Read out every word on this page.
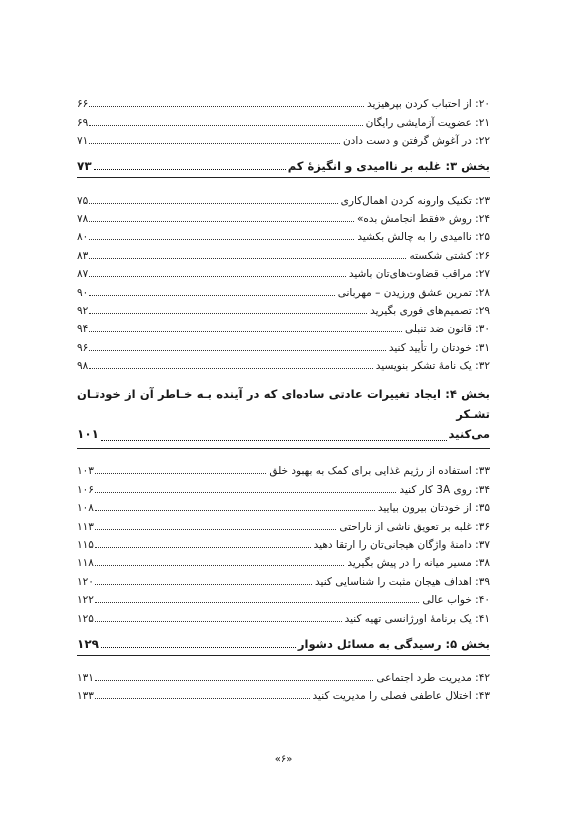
۲۰: از احتباب کردن بپرهیزید
۶۶
۲۱: عضویت آزمایشی رایگان
۶۹
۲۲: در آغوش گرفتن و دست دادن
۷۱
بخش ۳: غلبه بر ناامیدی و انگیزۀ کم
۷۳
۲۳: تکنیک وارونه کردن اهمال‌کاری
۷۵
۲۴: روش «فقط انجامش بده»
۷۸
۲۵: ناامیدی را به چالش بکشید
۸۰
۲۶: کشتی شکسته
۸۳
۲۷: مراقب قضاوت‌های‌تان باشید
۸۷
۲۸: تمرین عشق ورزیدن – مهربانی
۹۰
۲۹: تصمیم‌های فوری بگیرید
۹۲
۳۰: قانون ضد تنبلی
۹۴
۳۱: خودتان را تأیید کنید
۹۶
۳۲: یک نامۀ تشکر بنویسید
۹۸
بخش ۴: ایجاد تغییرات عادتی ساده‌ای که در آینده بـه خـاطر آن از خودتـان تشـکر
می‌کنید
۱۰۱
۳۳: استفاده از رژیم غذایی برای کمک به بهبود خلق
۱۰۳
۳۴: روی 3A کار کنید
۱۰۶
۳۵: از خودتان بیرون بیایید
۱۰۸
۳۶: غلبه بر تعویق ناشی از ناراحتی
۱۱۳
۳۷: دامنۀ واژگان هیجانی‌تان را ارتقا دهید
۱۱۵
۳۸: مسیر میانه را در پیش بگیرید
۱۱۸
۳۹: اهداف هیجان مثبت را شناسایی کنید
۱۲۰
۴۰: خواب عالی
۱۲۲
۴۱: یک برنامۀ اورژانسی تهیه کنید
۱۲۵
بخش ۵: رسیدگی به مسائل دشوار
۱۲۹
۴۲: مدیریت طرد اجتماعی
۱۳۱
۴۳: اختلال عاطفی فصلی را مدیریت کنید
۱۳۳
«۶»
